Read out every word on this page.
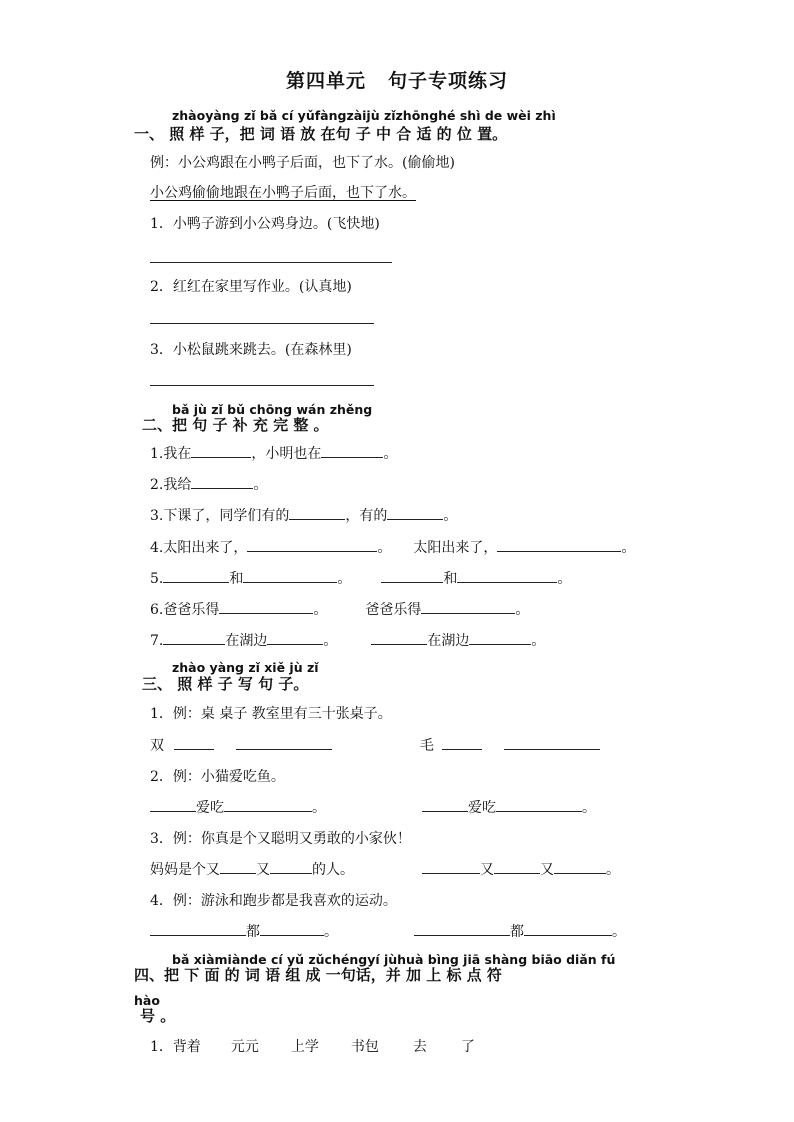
第四单元 句子专项练习
zhàoyàng zǐ bǎ cí yǔfàngzàijù zǐzhōnghé shì de wèi zhì
一、 照 样 子，把 词 语 放 在句 子 中 合 适 的 位 置。
例：小公鸡跟在小鸭子后面，也下了水。(偷偷地)
小公鸡偷偷地跟在小鸭子后面，也下了水。
1．小鸭子游到小公鸡身边。(飞快地)
2．红红在家里写作业。(认真地)
3．小松鼠跳来跳去。(在森林里)
bǎ jù zǐ bǔ chōng wán zhěng
二、把 句 子 补 充 完 整 。
1.我在	，小明也在	。
2.我给	。
3.下课了，同学们有的	，有的	。
4.太阳出来了，	。 太阳出来了，	。
5.	和	。	和	。
6.爸爸乐得	。	爸爸乐得	。
7.	在湖边	。	在湖边	。
zhào yàng zǐ xiě jù zǐ
三、 照 样 子 写 句 子。
1．例：桌 桌子 教室里有三十张桌子。
双	毛
2．例：小猫爱吃鱼。
爱吃	。	爱吃	。
3．例：你真是个又聪明又勇敢的小家伙！
妈妈是个又	又	的人。	又	又	。
4．例：游泳和跑步都是我喜欢的运动。
都	。	都	。
bǎ xiàmiànde cí yǔ zǔchéngyí jùhuà bìng jiā shàng biāo diǎn fú
四、把 下 面 的 词 语 组 成 一句话，并 加 上 标 点 符
hào
号 。
1．背着 元元 上学 书包 去 了
